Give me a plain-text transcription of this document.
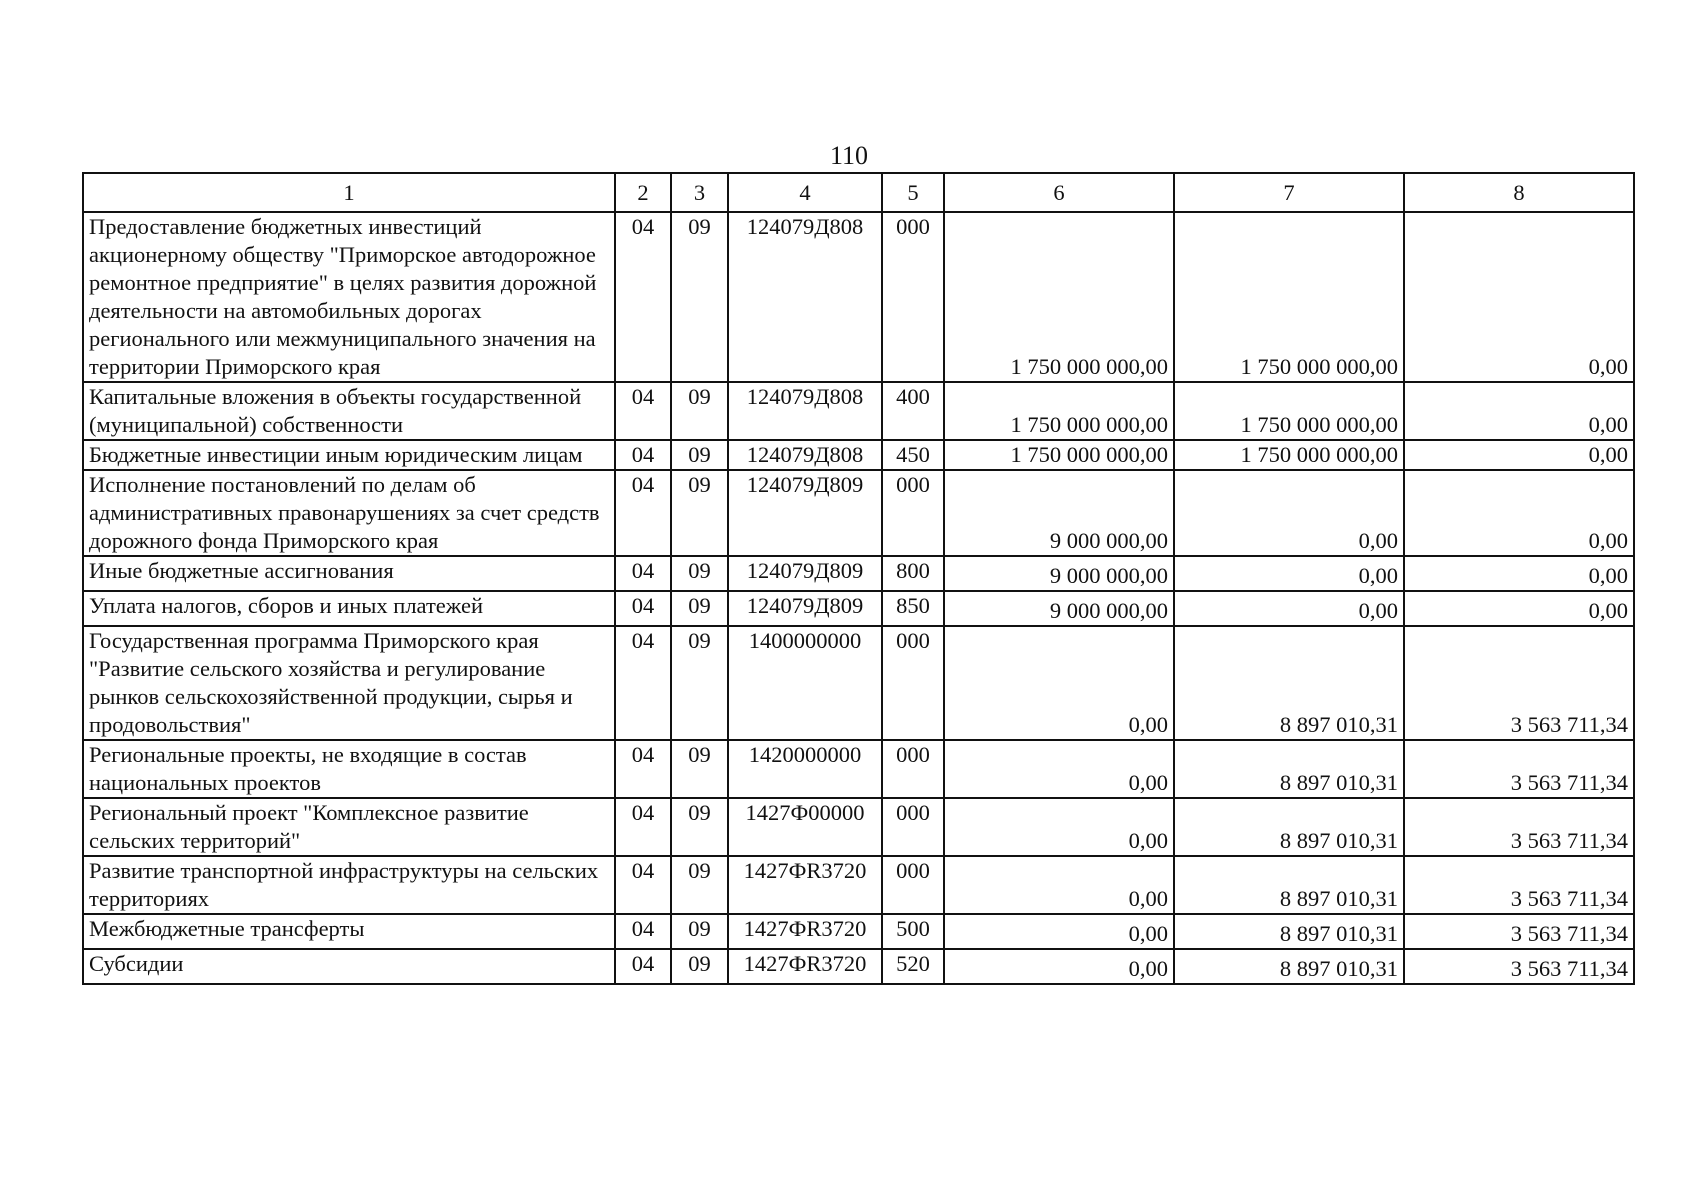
110
1	2	3	4	5	6	7	8
Предоставление бюджетных инвестиций акционерному обществу "Приморское автодорожное ремонтное предприятие" в целях развития дорожной деятельности на автомобильных дорогах регионального или межмуниципального значения на территории Приморского края	04	09	124079Д808	000	1 750 000 000,00	1 750 000 000,00	0,00
Капитальные вложения в объекты государственной (муниципальной) собственности	04	09	124079Д808	400	1 750 000 000,00	1 750 000 000,00	0,00
Бюджетные инвестиции иным юридическим лицам	04	09	124079Д808	450	1 750 000 000,00	1 750 000 000,00	0,00
Исполнение постановлений по делам об административных правонарушениях за счет средств дорожного фонда Приморского края	04	09	124079Д809	000	9 000 000,00	0,00	0,00
Иные бюджетные ассигнования	04	09	124079Д809	800	9 000 000,00	0,00	0,00
Уплата налогов, сборов и иных платежей	04	09	124079Д809	850	9 000 000,00	0,00	0,00
Государственная программа Приморского края "Развитие сельского хозяйства и регулирование рынков сельскохозяйственной продукции, сырья и продовольствия"	04	09	1400000000	000	0,00	8 897 010,31	3 563 711,34
Региональные проекты, не входящие в состав национальных проектов	04	09	1420000000	000	0,00	8 897 010,31	3 563 711,34
Региональный проект "Комплексное развитие сельских территорий"	04	09	1427Ф00000	000	0,00	8 897 010,31	3 563 711,34
Развитие транспортной инфраструктуры на сельских территориях	04	09	1427ФR3720	000	0,00	8 897 010,31	3 563 711,34
Межбюджетные трансферты	04	09	1427ФR3720	500	0,00	8 897 010,31	3 563 711,34
Субсидии	04	09	1427ФR3720	520	0,00	8 897 010,31	3 563 711,34
